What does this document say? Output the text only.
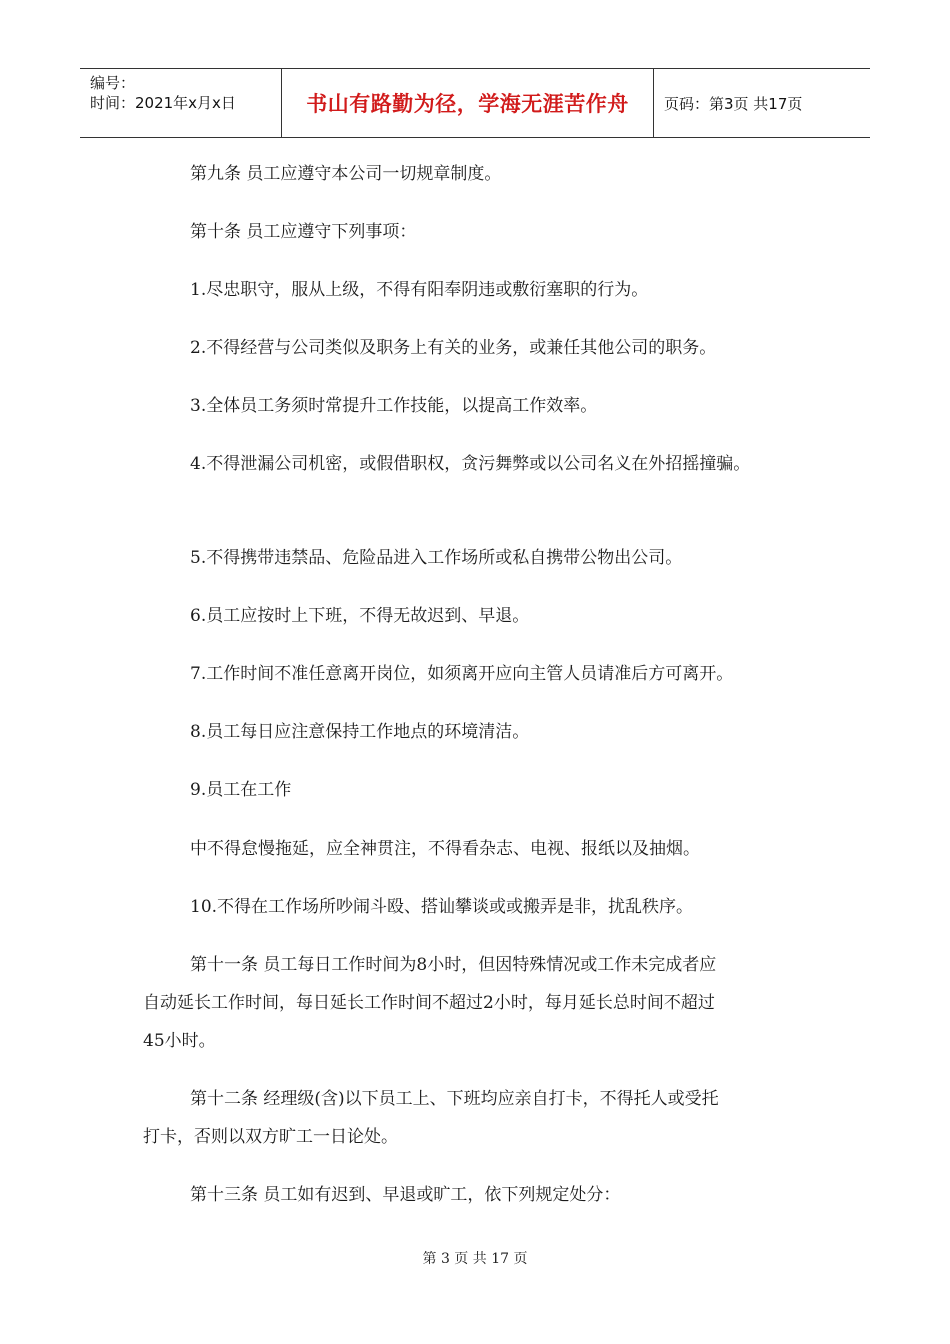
编号：
时间：2021年x月x日	书山有路勤为径，学海无涯苦作舟	页码：第3页 共17页
第九条 员工应遵守本公司一切规章制度。
第十条 员工应遵守下列事项：
1.尽忠职守，服从上级，不得有阳奉阴违或敷衍塞职的行为。
2.不得经营与公司类似及职务上有关的业务，或兼任其他公司的职务。
3.全体员工务须时常提升工作技能，以提高工作效率。
4.不得泄漏公司机密，或假借职权，贪污舞弊或以公司名义在外招摇撞骗。
5.不得携带违禁品、危险品进入工作场所或私自携带公物出公司。
6.员工应按时上下班，不得无故迟到、早退。
7.工作时间不准任意离开岗位，如须离开应向主管人员请准后方可离开。
8.员工每日应注意保持工作地点的环境清洁。
9.员工在工作
中不得怠慢拖延，应全神贯注，不得看杂志、电视、报纸以及抽烟。
10.不得在工作场所吵闹斗殴、搭讪攀谈或或搬弄是非，扰乱秩序。
第十一条 员工每日工作时间为8小时，但因特殊情况或工作未完成者应
自动延长工作时间，每日延长工作时间不超过2小时，每月延长总时间不超过
45小时。
第十二条 经理级(含)以下员工上、下班均应亲自打卡，不得托人或受托
打卡，否则以双方旷工一日论处。
第十三条 员工如有迟到、早退或旷工，依下列规定处分：
第 3 页 共 17 页
